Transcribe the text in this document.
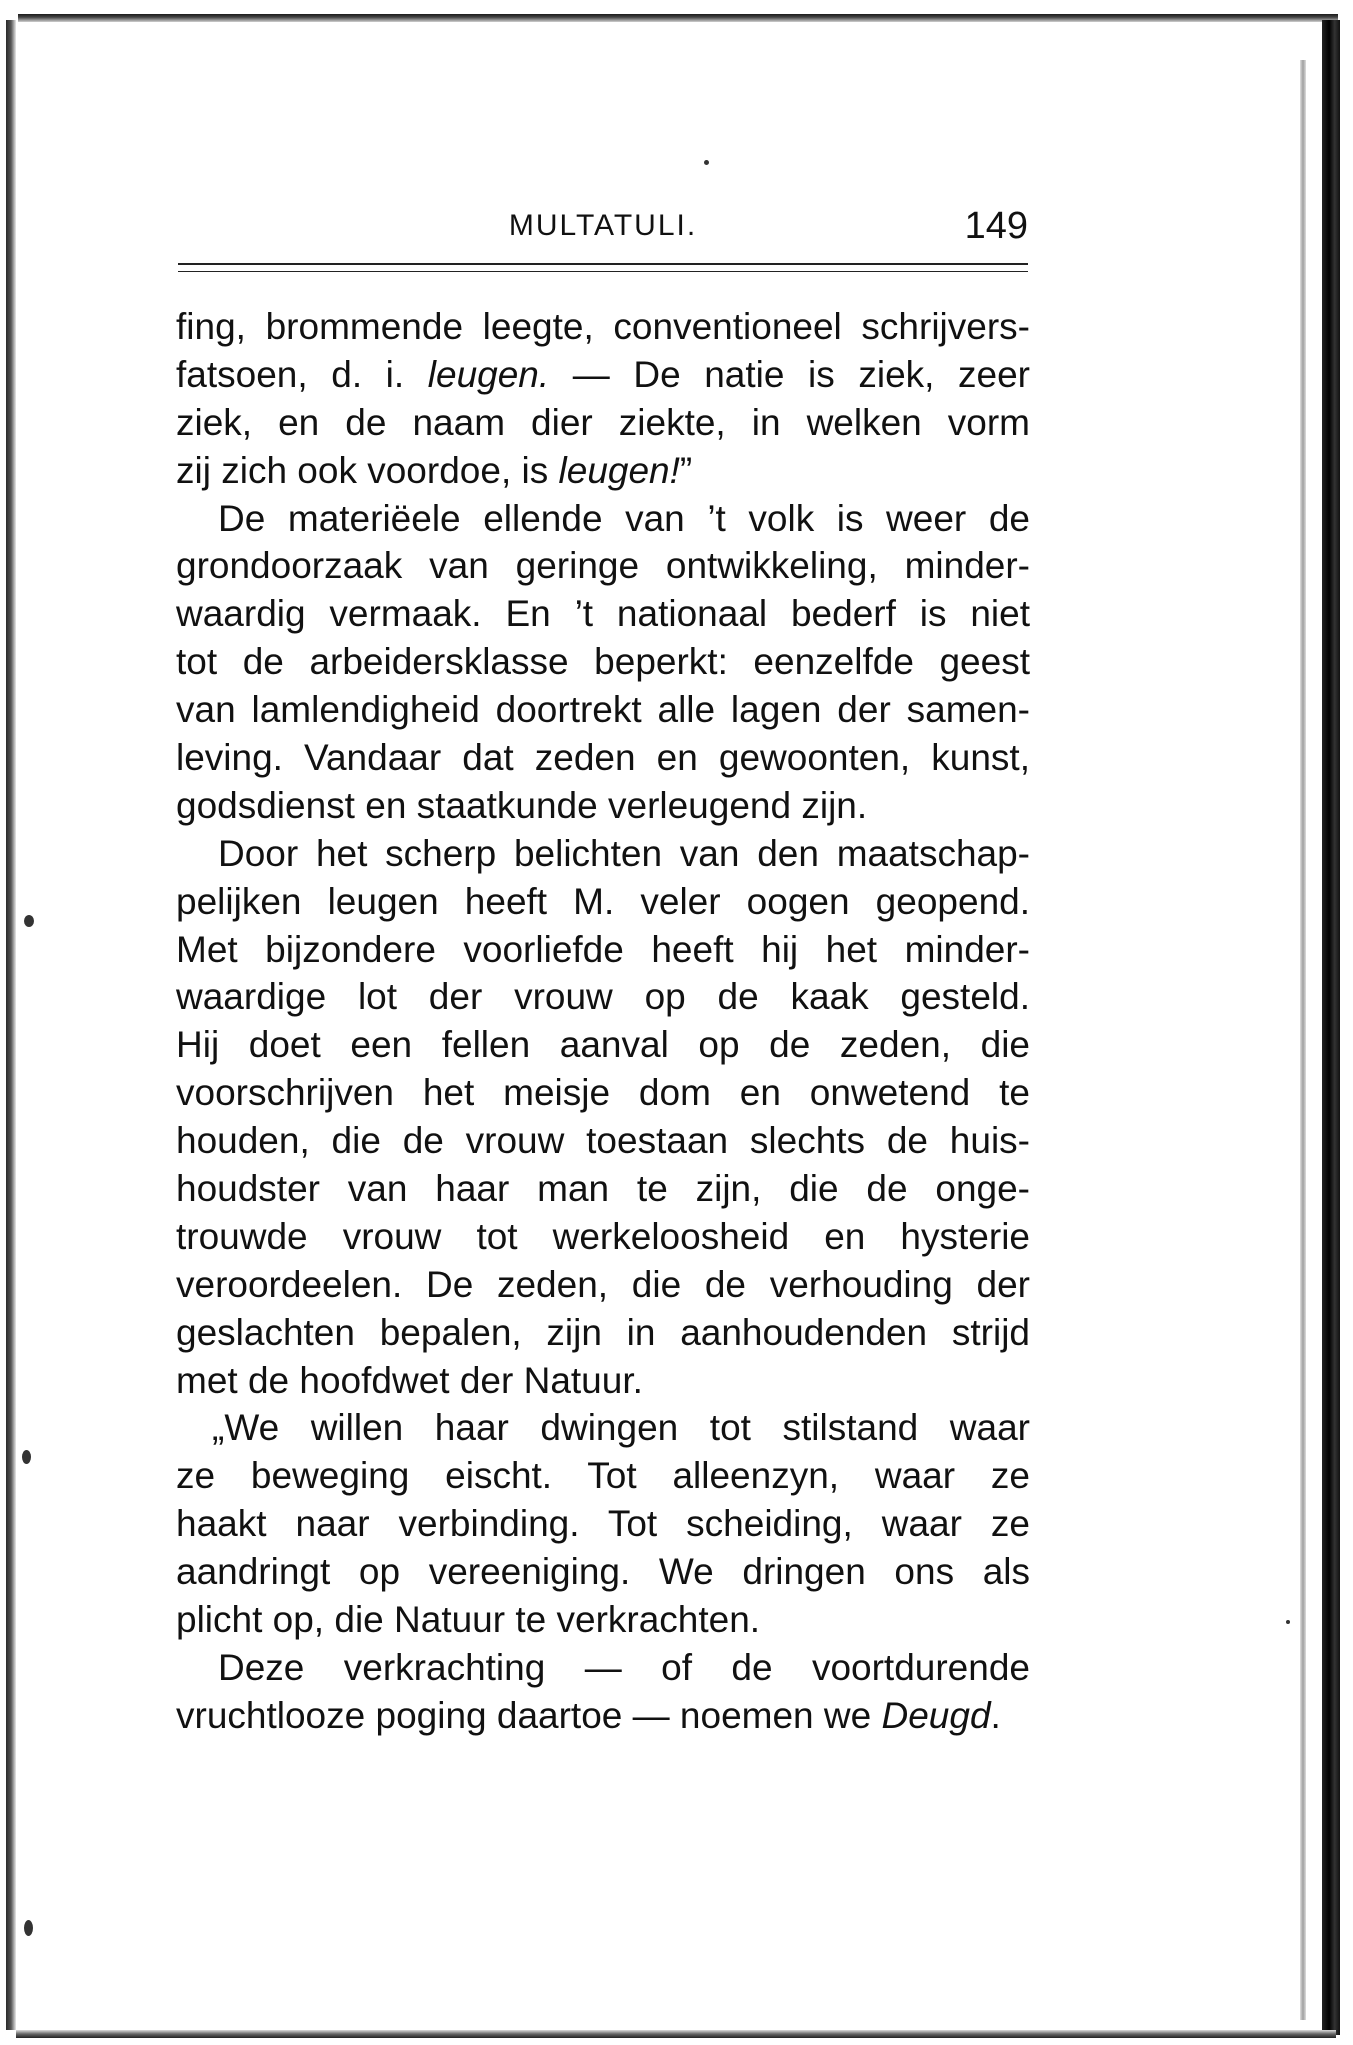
MULTATULI.	149
fing, brommende leegte, conventioneel schrijvers-
fatsoen, d. i. leugen. — De natie is ziek, zeer
ziek, en de naam dier ziekte, in welken vorm
zij zich ook voordoe, is leugen!”
De materiëele ellende van ’t volk is weer de
grondoorzaak van geringe ontwikkeling, minder-
waardig vermaak. En ’t nationaal bederf is niet
tot de arbeidersklasse beperkt: eenzelfde geest
van lamlendigheid doortrekt alle lagen der samen-
leving. Vandaar dat zeden en gewoonten, kunst,
godsdienst en staatkunde verleugend zijn.
Door het scherp belichten van den maatschap-
pelijken leugen heeft M. veler oogen geopend.
Met bijzondere voorliefde heeft hij het minder-
waardige lot der vrouw op de kaak gesteld.
Hij doet een fellen aanval op de zeden, die
voorschrijven het meisje dom en onwetend te
houden, die de vrouw toestaan slechts de huis-
houdster van haar man te zijn, die de onge-
trouwde vrouw tot werkeloosheid en hysterie
veroordeelen. De zeden, die de verhouding der
geslachten bepalen, zijn in aanhoudenden strijd
met de hoofdwet der Natuur.
„We willen haar dwingen tot stilstand waar
ze beweging eischt. Tot alleenzyn, waar ze
haakt naar verbinding. Tot scheiding, waar ze
aandringt op vereeniging. We dringen ons als
plicht op, die Natuur te verkrachten.
Deze verkrachting — of de voortdurende
vruchtlooze poging daartoe — noemen we Deugd.
